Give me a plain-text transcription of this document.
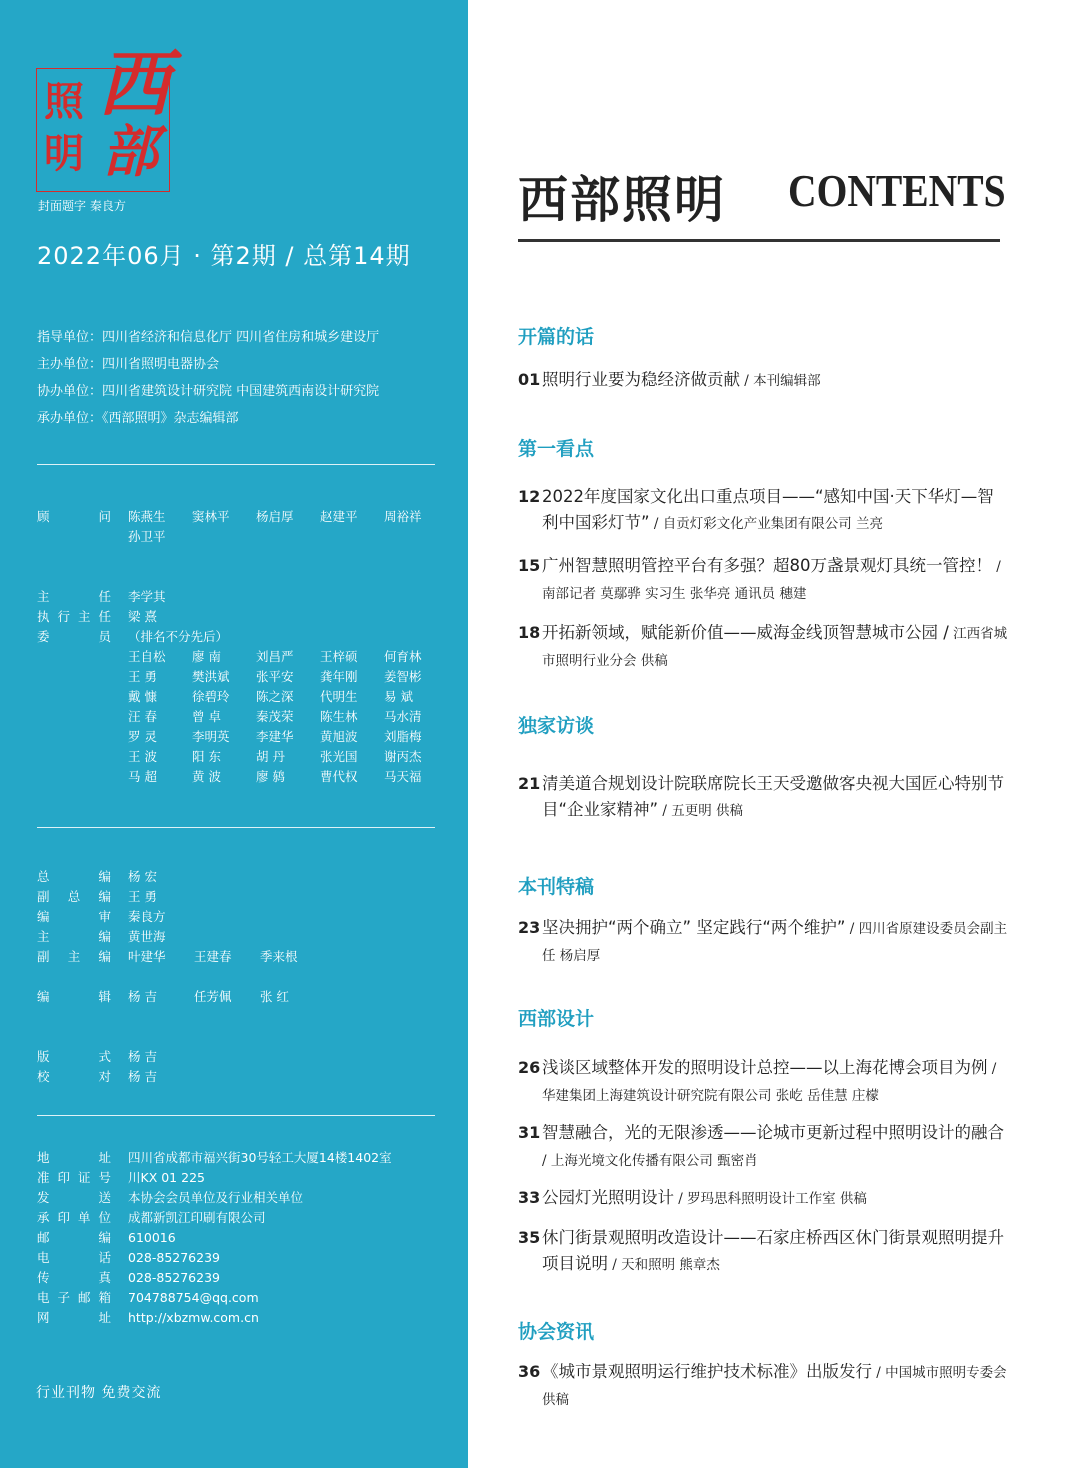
照
明
西
部
封面题字 秦良方
2022年06月 · 第2期 / 总第14期
指导单位：四川省经济和信息化厅 四川省住房和城乡建设厅
主办单位：四川省照明电器协会
协办单位：四川省建筑设计研究院 中国建筑西南设计研究院
承办单位：《西部照明》杂志编辑部
顾	问 陈燕生 窦林平 杨启厚 赵建平 周裕祥
孙卫平
主	任 李学其
执 行 主 任 梁 熹
委	员 （排名不分先后）
王自松 廖 南	刘昌严 王梓硕 何育林
王 勇	樊洪斌 张平安 龚年刚 姜智彬
戴 慷	徐碧玲 陈之深 代明生 易 斌
汪 春	曾 卓	秦茂荣 陈生林 马水清
罗 灵	李明英 李建华 黄旭波 刘脂梅
王 波	阳 东	胡 丹	张光国 谢丙杰
马 超	黄 波	廖 鸫	曹代权 马天福
总	编 杨 宏
副 总 编 王 勇
编	审 秦良方
主	编 黄世海
副 主 编 叶建华 王建春 季来根
编	辑 杨 吉	任芳佩 张 红
版	式 杨 吉
校	对 杨 吉
地	址 四川省成都市福兴街30号轻工大厦14楼1402室
准 印 证 号 川KX 01 225
发	送 本协会会员单位及行业相关单位
承 印 单 位 成都新凯江印刷有限公司
邮	编 610016
电	话 028-85276239
传	真 028-85276239
电 子 邮 箱 704788754@qq.com
网	址 http://xbzmw.com.cn
行业刊物 免费交流
西部照明 CONTENTS
开篇的话
01 照明行业要为稳经济做贡献 / 本刊编辑部
第一看点
12 2022年度国家文化出口重点项目——“感知中国·天下华灯—智利中国彩灯节” / 自贡灯彩文化产业集团有限公司 兰亮
15 广州智慧照明管控平台有多强？超80万盏景观灯具统一管控！ / 南部记者 莫鄢骅 实习生 张华亮 通讯员 穗建
18 开拓新领域，赋能新价值——威海金线顶智慧城市公园 / 江西省城市照明行业分会 供稿
独家访谈
21 清美道合规划设计院联席院长王天受邀做客央视大国匠心特别节目“企业家精神” / 五更明 供稿
本刊特稿
23 坚决拥护“两个确立” 坚定践行“两个维护” / 四川省原建设委员会副主任 杨启厚
西部设计
26 浅谈区域整体开发的照明设计总控——以上海花博会项目为例 / 华建集团上海建筑设计研究院有限公司 张屹 岳佳慧 庄檬
31 智慧融合，光的无限渗透——论城市更新过程中照明设计的融合 / 上海光境文化传播有限公司 甄密肖
33 公园灯光照明设计 / 罗玛思科照明设计工作室 供稿
35 休门街景观照明改造设计——石家庄桥西区休门街景观照明提升项目说明 / 天和照明 熊章杰
协会资讯
36 《城市景观照明运行维护技术标准》出版发行 / 中国城市照明专委会 供稿
